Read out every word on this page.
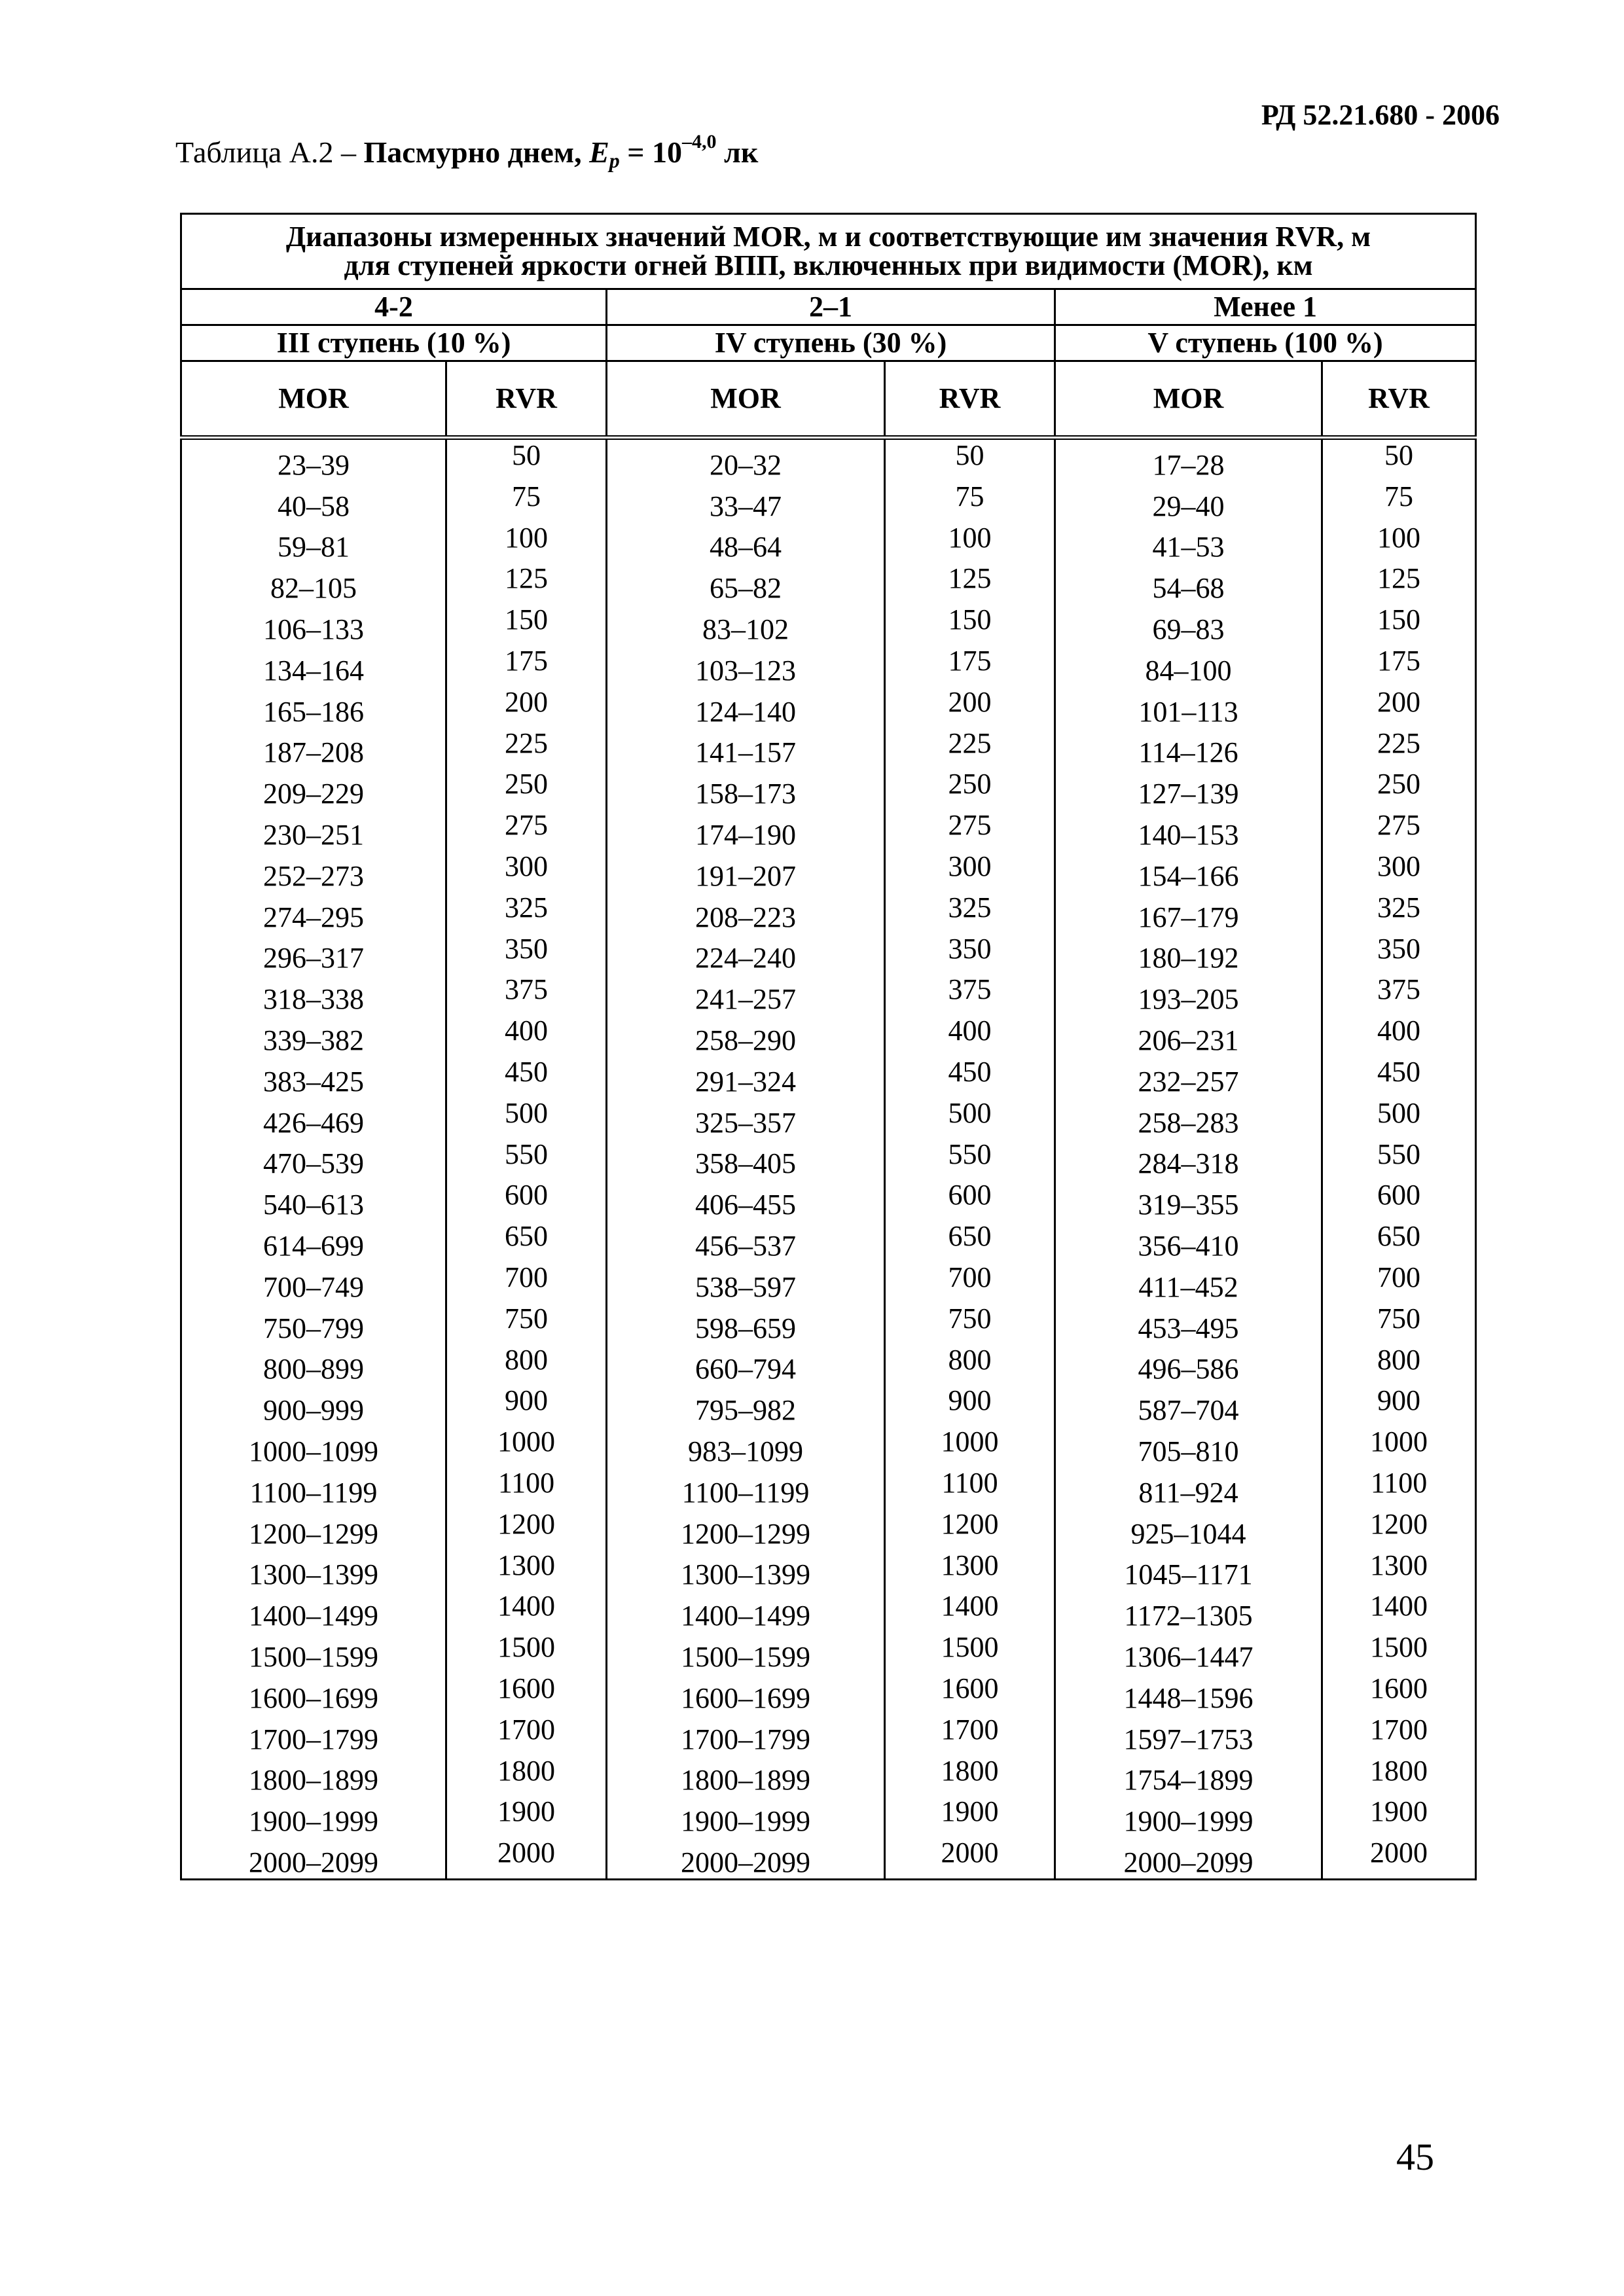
РД 52.21.680 - 2006
Таблица А.2 – Пасмурно днем, $E_p = 10^{-4,0}$ лк
Диапазоны измеренных значений MOR, м и соответствующие им значения RVR, м
для ступеней яркости огней ВПП, включенных при видимости (MOR), км					

4-2		2–1		Менее 1	
III ступень (10 %)		IV ступень (30 %)		V ступень (100 %)	
MOR	RVR	MOR	RVR	MOR	RVR
23–39	50	20–32	50	17–28	50
40–58	75	33–47	75	29–40	75
59–81	100	48–64	100	41–53	100
82–105	125	65–82	125	54–68	125
106–133	150	83–102	150	69–83	150
134–164	175	103–123	175	84–100	175
165–186	200	124–140	200	101–113	200
187–208	225	141–157	225	114–126	225
209–229	250	158–173	250	127–139	250
230–251	275	174–190	275	140–153	275
252–273	300	191–207	300	154–166	300
274–295	325	208–223	325	167–179	325
296–317	350	224–240	350	180–192	350
318–338	375	241–257	375	193–205	375
339–382	400	258–290	400	206–231	400
383–425	450	291–324	450	232–257	450
426–469	500	325–357	500	258–283	500
470–539	550	358–405	550	284–318	550
540–613	600	406–455	600	319–355	600
614–699	650	456–537	650	356–410	650
700–749	700	538–597	700	411–452	700
750–799	750	598–659	750	453–495	750
800–899	800	660–794	800	496–586	800
900–999	900	795–982	900	587–704	900
1000–1099	1000	983–1099	1000	705–810	1000
1100–1199	1100	1100–1199	1100	811–924	1100
1200–1299	1200	1200–1299	1200	925–1044	1200
1300–1399	1300	1300–1399	1300	1045–1171	1300
1400–1499	1400	1400–1499	1400	1172–1305	1400
1500–1599	1500	1500–1599	1500	1306–1447	1500
1600–1699	1600	1600–1699	1600	1448–1596	1600
1700–1799	1700	1700–1799	1700	1597–1753	1700
1800–1899	1800	1800–1899	1800	1754–1899	1800
1900–1999	1900	1900–1999	1900	1900–1999	1900
2000–2099	2000	2000–2099	2000	2000–2099	2000
45
